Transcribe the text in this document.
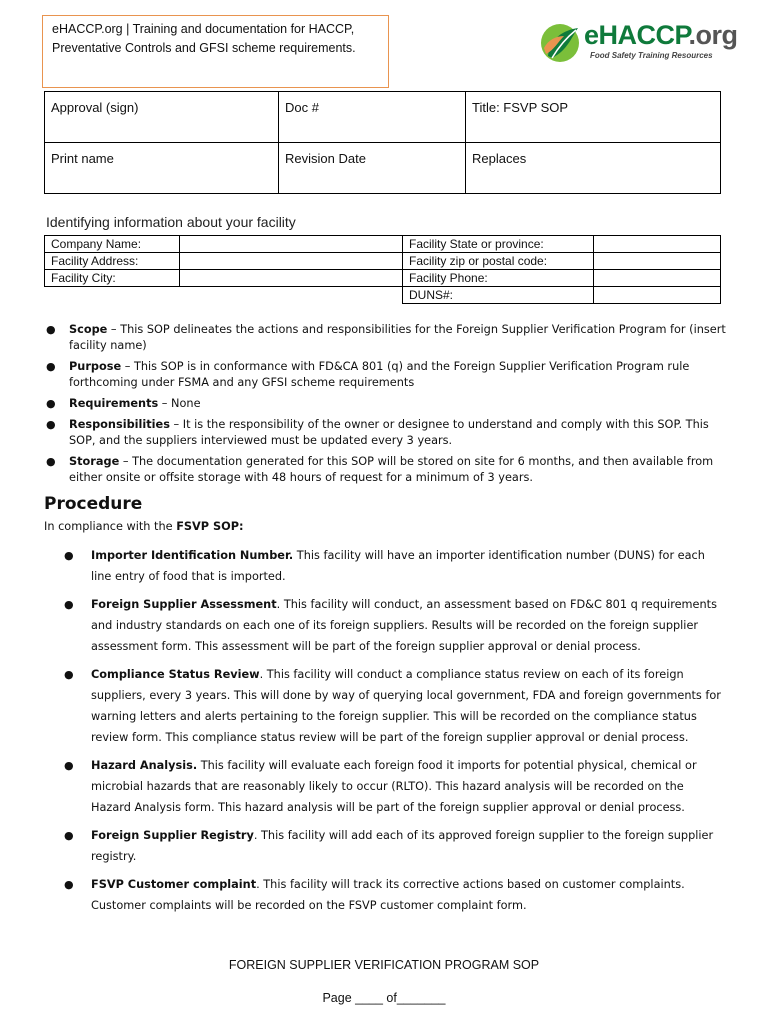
eHACCP.org | Training and documentation for HACCP, Preventative Controls and GFSI scheme requirements.	eHACCP.org
Food Safety Training Resources
Approval (sign)	Doc #	Title: FSVP SOP
Print name	Revision Date	Replaces
Identifying information about your facility
Company Name:		Facility State or province:	
Facility Address:		Facility zip or postal code:	
Facility City:		Facility Phone:	
		DUNS#:	
● Scope – This SOP delineates the actions and responsibilities for the Foreign Supplier Verification Program for (insert facility name)
● Purpose – This SOP is in conformance with FD&CA 801 (q) and the Foreign Supplier Verification Program rule forthcoming under FSMA and any GFSI scheme requirements
● Requirements – None
● Responsibilities – It is the responsibility of the owner or designee to understand and comply with this SOP. This SOP, and the suppliers interviewed must be updated every 3 years.
● Storage – The documentation generated for this SOP will be stored on site for 6 months, and then available from either onsite or offsite storage with 48 hours of request for a minimum of 3 years.
Procedure
In compliance with the FSVP SOP:
● Importer Identification Number. This facility will have an importer identification number (DUNS) for each line entry of food that is imported.
● Foreign Supplier Assessment. This facility will conduct, an assessment based on FD&C 801 q requirements and industry standards on each one of its foreign suppliers. Results will be recorded on the foreign supplier assessment form. This assessment will be part of the foreign supplier approval or denial process.
● Compliance Status Review. This facility will conduct a compliance status review on each of its foreign suppliers, every 3 years. This will done by way of querying local government, FDA and foreign governments for warning letters and alerts pertaining to the foreign supplier. This will be recorded on the compliance status review form. This compliance status review will be part of the foreign supplier approval or denial process.
● Hazard Analysis. This facility will evaluate each foreign food it imports for potential physical, chemical or microbial hazards that are reasonably likely to occur (RLTO). This hazard analysis will be recorded on the Hazard Analysis form. This hazard analysis will be part of the foreign supplier approval or denial process.
● Foreign Supplier Registry. This facility will add each of its approved foreign supplier to the foreign supplier registry.
● FSVP Customer complaint. This facility will track its corrective actions based on customer complaints. Customer complaints will be recorded on the FSVP customer complaint form.
FOREIGN SUPPLIER VERIFICATION PROGRAM SOP
Page ____ of_______
